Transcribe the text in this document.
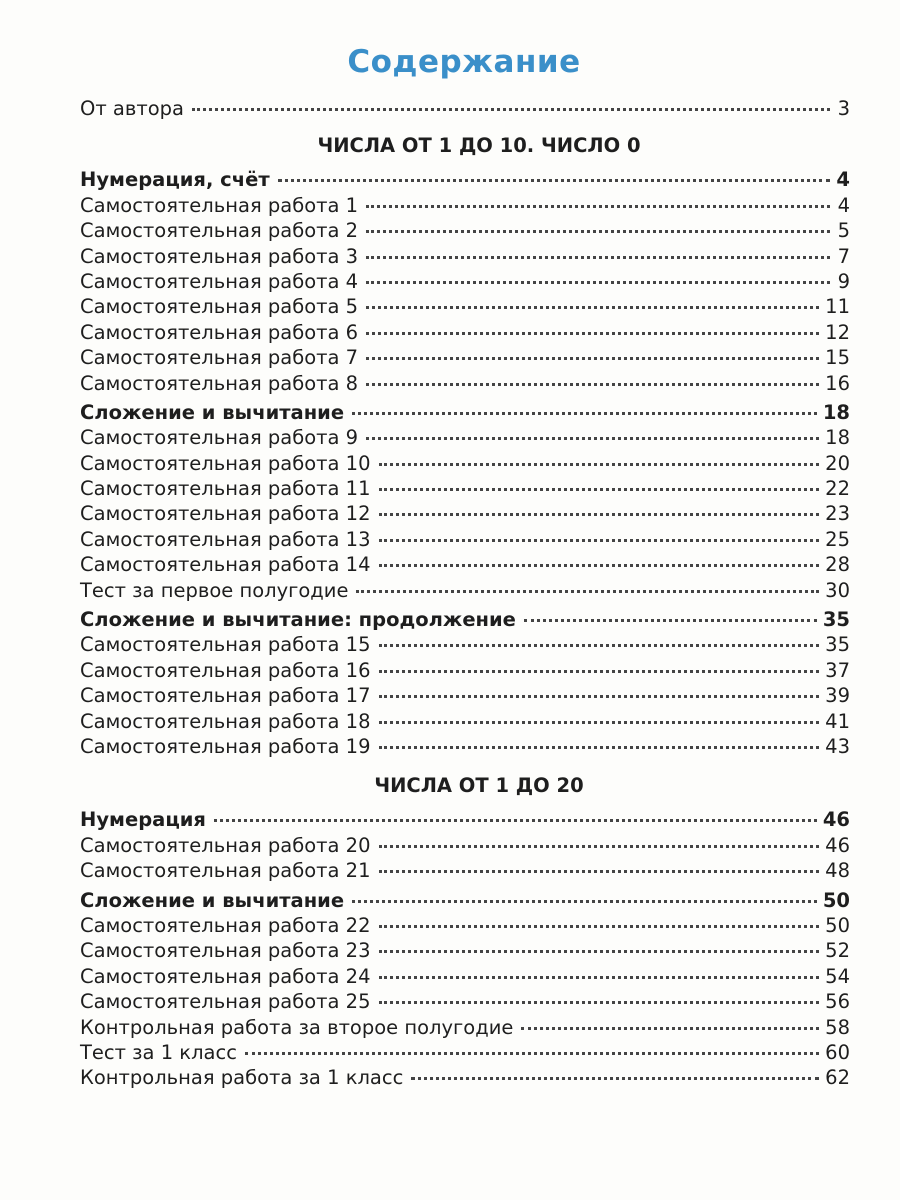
Содержание
От автора	3
ЧИСЛА ОТ 1 ДО 10. ЧИСЛО 0
Нумерация, счёт	4
Самостоятельная работа 1	4
Самостоятельная работа 2	5
Самостоятельная работа 3	7
Самостоятельная работа 4	9
Самостоятельная работа 5	11
Самостоятельная работа 6	12
Самостоятельная работа 7	15
Самостоятельная работа 8	16
Сложение и вычитание	18
Самостоятельная работа 9	18
Самостоятельная работа 10	20
Самостоятельная работа 11	22
Самостоятельная работа 12	23
Самостоятельная работа 13	25
Самостоятельная работа 14	28
Тест за первое полугодие	30
Сложение и вычитание: продолжение	35
Самостоятельная работа 15	35
Самостоятельная работа 16	37
Самостоятельная работа 17	39
Самостоятельная работа 18	41
Самостоятельная работа 19	43
ЧИСЛА ОТ 1 ДО 20
Нумерация	46
Самостоятельная работа 20	46
Самостоятельная работа 21	48
Сложение и вычитание	50
Самостоятельная работа 22	50
Самостоятельная работа 23	52
Самостоятельная работа 24	54
Самостоятельная работа 25	56
Контрольная работа за второе полугодие	58
Тест за 1 класс	60
Контрольная работа за 1 класс	62
